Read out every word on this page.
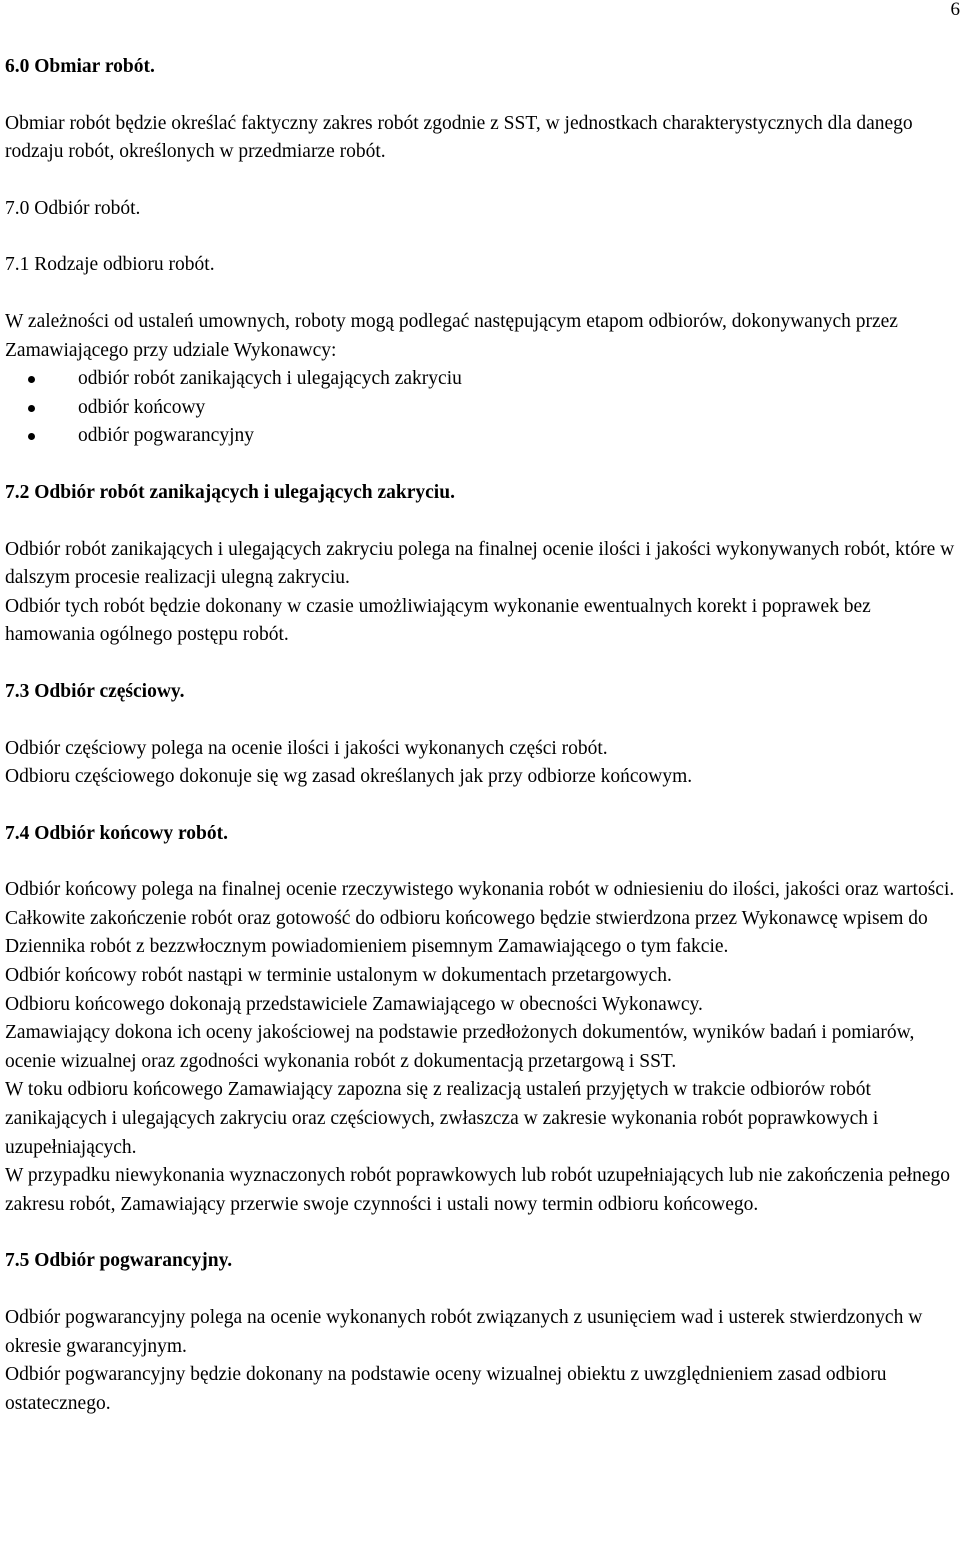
6

6.0 Obmiar robót.

Obmiar robót będzie określać faktyczny zakres robót zgodnie z SST, w jednostkach charakterystycznych dla danego rodzaju robót, określonych w przedmiarze robót.

7.0 Odbiór robót.

7.1 Rodzaje odbioru robót.

W zależności od ustaleń umownych, roboty mogą podlegać następującym etapom odbiorów, dokonywanych przez Zamawiającego przy udziale Wykonawcy:

odbiór robót zanikających i ulegających zakryciu
odbiór końcowy
odbiór pogwarancyjny

7.2 Odbiór robót zanikających i ulegających zakryciu.

Odbiór robót zanikających i ulegających zakryciu polega na finalnej ocenie ilości i jakości wykonywanych robót, które w dalszym procesie realizacji ulegną zakryciu.

Odbiór tych robót będzie dokonany w czasie umożliwiającym wykonanie ewentualnych korekt i poprawek bez hamowania ogólnego postępu robót.

7.3 Odbiór częściowy.

Odbiór częściowy polega na ocenie ilości i jakości wykonanych części robót.

Odbioru częściowego dokonuje się wg zasad określanych jak przy odbiorze końcowym.

7.4 Odbiór końcowy robót.

Odbiór końcowy polega na finalnej ocenie rzeczywistego wykonania robót w odniesieniu do ilości, jakości oraz wartości.

Całkowite zakończenie robót oraz gotowość do odbioru końcowego będzie stwierdzona przez Wykonawcę wpisem do Dziennika robót z bezzwłocznym powiadomieniem pisemnym Zamawiającego o tym fakcie.

Odbiór końcowy robót nastąpi w terminie ustalonym w dokumentach przetargowych.

Odbioru końcowego dokonają przedstawiciele Zamawiającego w obecności Wykonawcy.

Zamawiający dokona ich oceny jakościowej na podstawie przedłożonych dokumentów, wyników badań i pomiarów, ocenie wizualnej oraz zgodności wykonania robót z dokumentacją przetargową i SST.

W toku odbioru końcowego Zamawiający zapozna się z realizacją ustaleń przyjętych w trakcie odbiorów robót zanikających i ulegających zakryciu oraz częściowych, zwłaszcza w zakresie wykonania robót poprawkowych i uzupełniających.

W przypadku niewykonania wyznaczonych robót poprawkowych lub robót uzupełniających lub nie zakończenia pełnego zakresu robót, Zamawiający przerwie swoje czynności i ustali nowy termin odbioru końcowego.

7.5 Odbiór pogwarancyjny.

Odbiór pogwarancyjny polega na ocenie wykonanych robót związanych z usunięciem wad i usterek stwierdzonych w okresie gwarancyjnym.

Odbiór pogwarancyjny będzie dokonany na podstawie oceny wizualnej obiektu z uwzględnieniem zasad odbioru ostatecznego.
